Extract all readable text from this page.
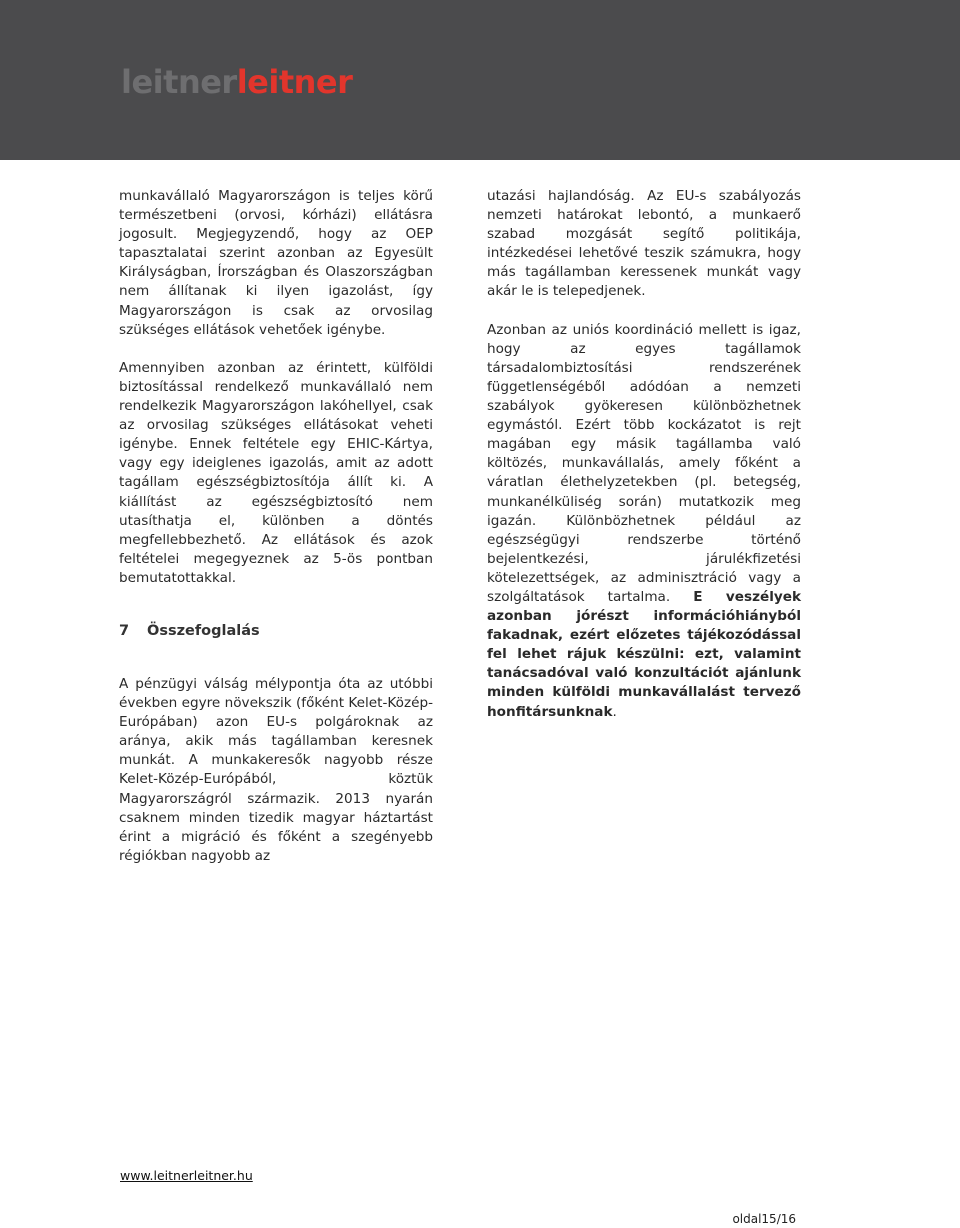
leitnerleitner

munkavállaló Magyarországon is teljes körű természetbeni (orvosi, kórházi) ellátásra jogosult. Megjegyzendő, hogy az OEP tapasztalatai szerint azonban az Egyesült Királyságban, Írországban és Olaszországban nem állítanak ki ilyen igazolást, így Magyarországon is csak az orvosilag szükséges ellátások vehetőek igénybe.

Amennyiben azonban az érintett, külföldi biztosítással rendelkező munkavállaló nem rendelkezik Magyarországon lakóhellyel, csak az orvosilag szükséges ellátásokat veheti igénybe. Ennek feltétele egy EHIC-Kártya, vagy egy ideiglenes igazolás, amit az adott tagállam egészségbiztosítója állít ki. A kiállítást az egészségbiztosító nem utasíthatja el, különben a döntés megfellebbezhető. Az ellátások és azok feltételei megegyeznek az 5-ös pontban bemutatottakkal.

7 Összefoglalás

A pénzügyi válság mélypontja óta az utóbbi években egyre növekszik (főként Kelet-Közép-Európában) azon EU-s polgároknak az aránya, akik más tagállamban keresnek munkát. A munkakeresők nagyobb része Kelet-Közép-Európából, köztük Magyarországról származik. 2013 nyarán csaknem minden tizedik magyar háztartást érint a migráció és főként a szegényebb régiókban nagyobb az

utazási hajlandóság. Az EU-s szabályozás nemzeti határokat lebontó, a munkaerő szabad mozgását segítő politikája, intézkedései lehetővé teszik számukra, hogy más tagállamban keressenek munkát vagy akár le is telepedjenek.

Azonban az uniós koordináció mellett is igaz, hogy az egyes tagállamok társadalombiztosítási rendszerének függetlenségéből adódóan a nemzeti szabályok gyökeresen különbözhetnek egymástól. Ezért több kockázatot is rejt magában egy másik tagállamba való költözés, munkavállalás, amely főként a váratlan élethelyzetekben (pl. betegség, munkanélküliség során) mutatkozik meg igazán. Különbözhetnek például az egészségügyi rendszerbe történő bejelentkezési, járulékfizetési kötelezettségek, az adminisztráció vagy a szolgáltatások tartalma. E veszélyek azonban jórészt információhiányból fakadnak, ezért előzetes tájékozódással fel lehet rájuk készülni: ezt, valamint tanácsadóval való konzultációt ajánlunk minden külföldi munkavállalást tervező honfitársunknak.

www.leitnerleitner.hu
oldal15/16
